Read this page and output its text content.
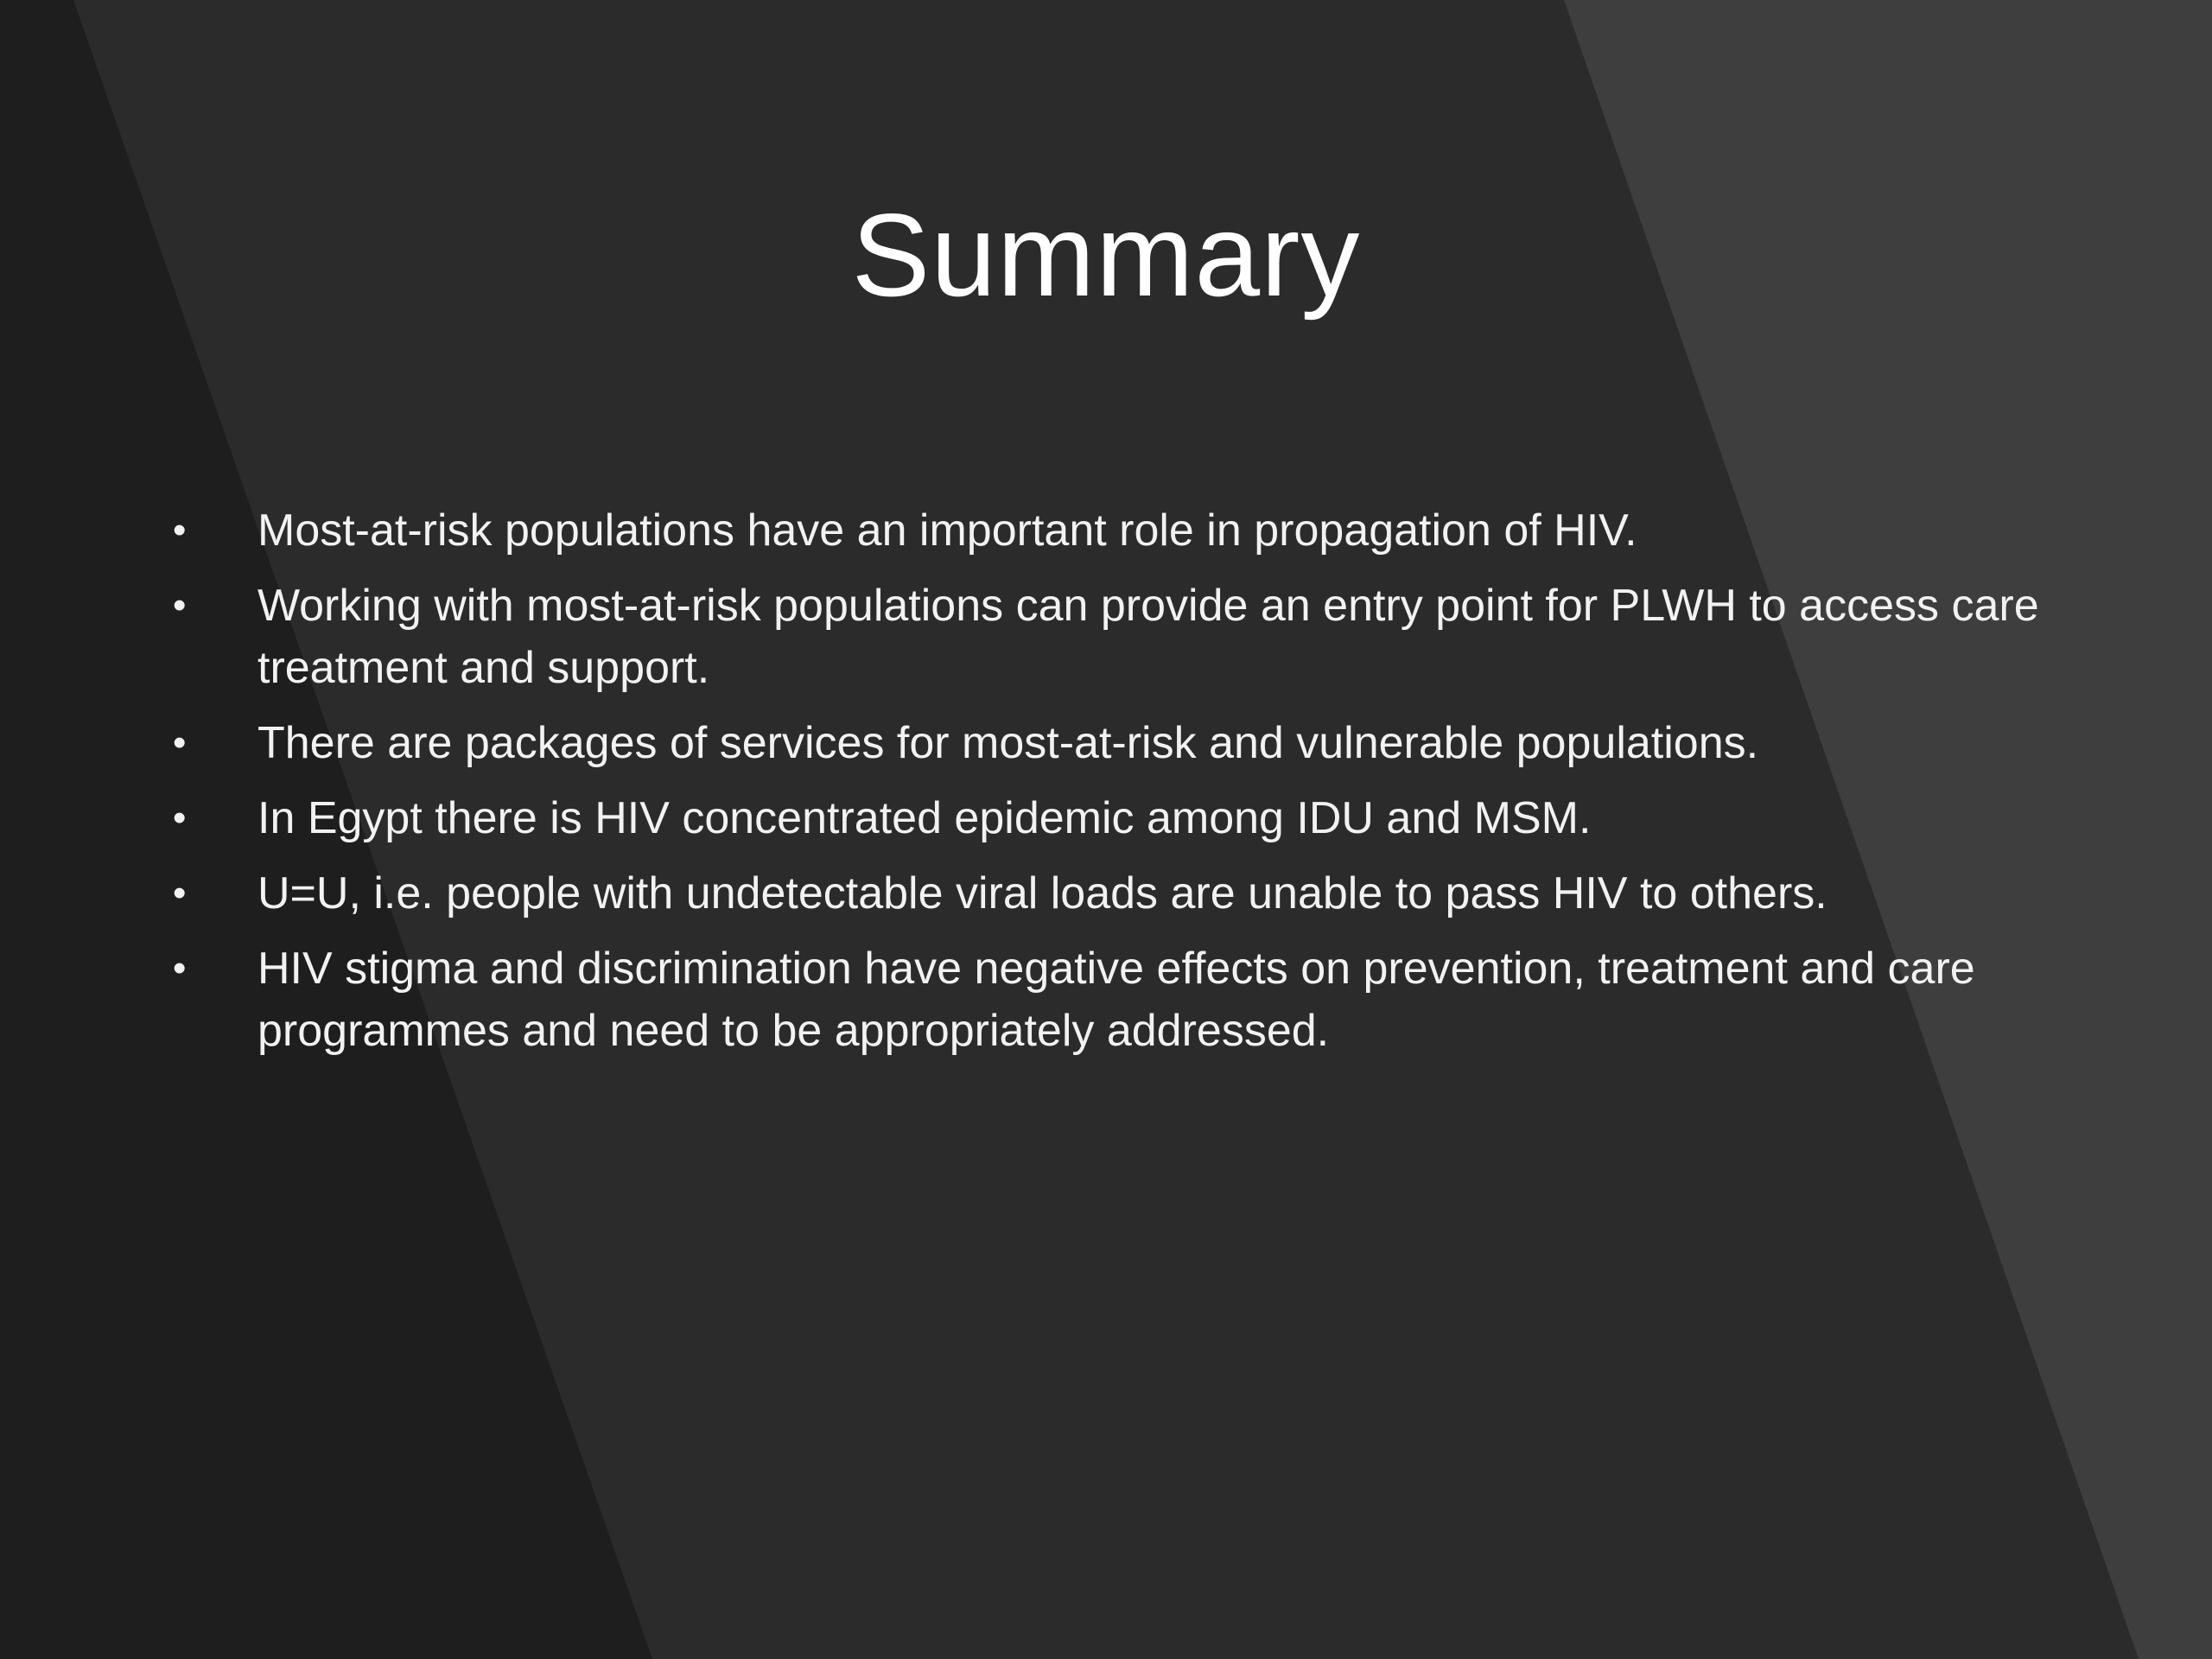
Summary
• Most-at-risk populations have an important role in propagation of HIV.
• Working with most-at-risk populations can provide an entry point for PLWH to access care treatment and support.
• There are packages of services for most-at-risk and vulnerable populations.
• In Egypt there is HIV concentrated epidemic among IDU and MSM.
• U=U, i.e. people with undetectable viral loads are unable to pass HIV to others.
• HIV stigma and discrimination have negative effects on prevention, treatment and care programmes and need to be appropriately addressed.
